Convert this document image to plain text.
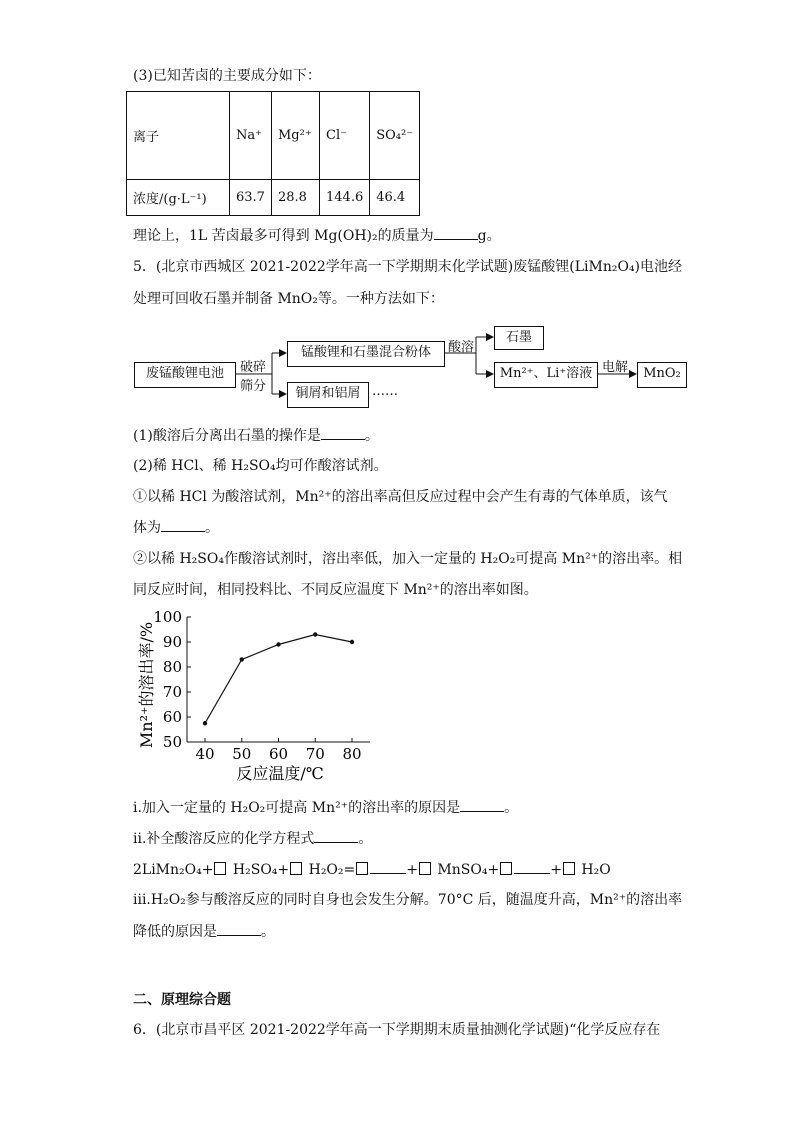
(3)已知苦卤的主要成分如下：
离子	Na⁺	Mg²⁺	Cl⁻	SO₄²⁻
浓度/(g·L⁻¹)	63.7	28.8	144.6	46.4
理论上，1L 苦卤最多可得到 Mg(OH)₂的质量为	g。
5．(北京市西城区 2021-2022学年高一下学期期末化学试题)废锰酸锂(LiMn₂O₄)电池经
处理可回收石墨并制备 MnO₂等。一种方法如下：
废锰酸锂电池	破碎
筛分
锰酸锂和石墨混合粉体
铜屑和铝屑 ……
酸溶
石墨
Mn²⁺、Li⁺溶液 电解	MnO₂
(1)酸溶后分离出石墨的操作是	。
(2)稀 HCl、稀 H₂SO₄均可作酸溶试剂。
①以稀 HCl 为酸溶试剂，Mn²⁺的溶出率高但反应过程中会产生有毒的气体单质，该气
体为	。
②以稀 H₂SO₄作酸溶试剂时，溶出率低，加入一定量的 H₂O₂可提高 Mn²⁺的溶出率。相
同反应时间，相同投料比、不同反应温度下 Mn²⁺的溶出率如图。
50
60
70
80
90
100
40 50 60 70 80
反应温度/℃
Mn²⁺的溶出率/%
i.加入一定量的 H₂O₂可提高 Mn²⁺的溶出率的原因是	。
ii.补全酸溶反应的化学方程式	。
2LiMn₂O₄+ H₂SO₄+ H₂O₂=	+ MnSO₄+	+ H₂O
iii.H₂O₂参与酸溶反应的同时自身也会发生分解。70°C 后，随温度升高，Mn²⁺的溶出率
降低的原因是	。
二、原理综合题
6．(北京市昌平区 2021-2022学年高一下学期期末质量抽测化学试题)“化学反应存在
